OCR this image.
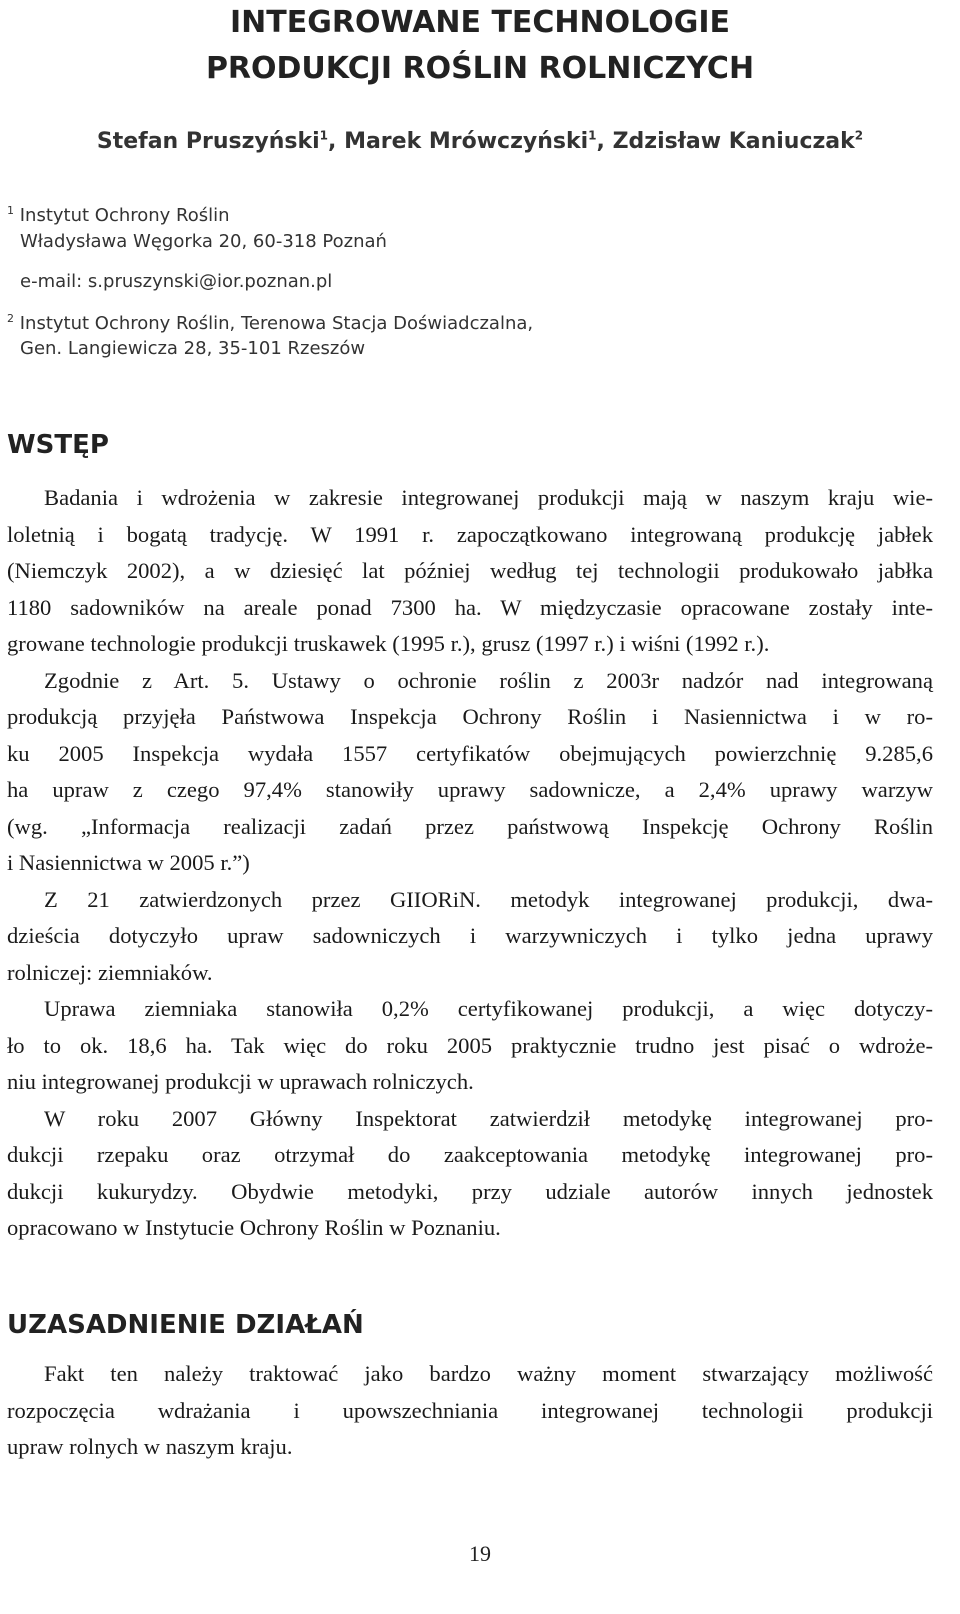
INTEGROWANE TECHNOLOGIE
PRODUKCJI ROŚLIN ROLNICZYCH
Stefan Pruszyński$^1$, Marek Mrówczyński$^1$, Zdzisław Kaniuczak$^2$
$^1$ Instytut Ochrony Roślin
Władysława Węgorka 20, 60-318 Poznań
e-mail: s.pruszynski@ior.poznan.pl
$^2$ Instytut Ochrony Roślin, Terenowa Stacja Doświadczalna,
Gen. Langiewicza 28, 35-101 Rzeszów
WSTĘP
Badania i wdrożenia w zakresie integrowanej produkcji mają w naszym kraju wie-
loletnią i bogatą tradycję. W 1991 r. zapoczątkowano integrowaną produkcję jabłek
(Niemczyk 2002), a w dziesięć lat później według tej technologii produkowało jabłka
1180 sadowników na areale ponad 7300 ha. W międzyczasie opracowane zostały inte-
growane technologie produkcji truskawek (1995 r.), grusz (1997 r.) i wiśni (1992 r.).
Zgodnie z Art. 5. Ustawy o ochronie roślin z 2003r nadzór nad integrowaną
produkcją przyjęła Państwowa Inspekcja Ochrony Roślin i Nasiennictwa i w ro-
ku 2005 Inspekcja wydała 1557 certyfikatów obejmujących powierzchnię 9.285,6
ha upraw z czego 97,4% stanowiły uprawy sadownicze, a 2,4% uprawy warzyw
(wg. „Informacja realizacji zadań przez państwową Inspekcję Ochrony Roślin
i Nasiennictwa w 2005 r.”)
Z 21 zatwierdzonych przez GIIORiN. metodyk integrowanej produkcji, dwa-
dzieścia dotyczyło upraw sadowniczych i warzywniczych i tylko jedna uprawy
rolniczej: ziemniaków.
Uprawa ziemniaka stanowiła 0,2% certyfikowanej produkcji, a więc dotyczy-
ło to ok. 18,6 ha. Tak więc do roku 2005 praktycznie trudno jest pisać o wdroże-
niu integrowanej produkcji w uprawach rolniczych.
W roku 2007 Główny Inspektorat zatwierdził metodykę integrowanej pro-
dukcji rzepaku oraz otrzymał do zaakceptowania metodykę integrowanej pro-
dukcji kukurydzy. Obydwie metodyki, przy udziale autorów innych jednostek
opracowano w Instytucie Ochrony Roślin w Poznaniu.
UZASADNIENIE DZIAŁAŃ
Fakt ten należy traktować jako bardzo ważny moment stwarzający możliwość
rozpoczęcia wdrażania i upowszechniania integrowanej technologii produkcji
upraw rolnych w naszym kraju.
19
